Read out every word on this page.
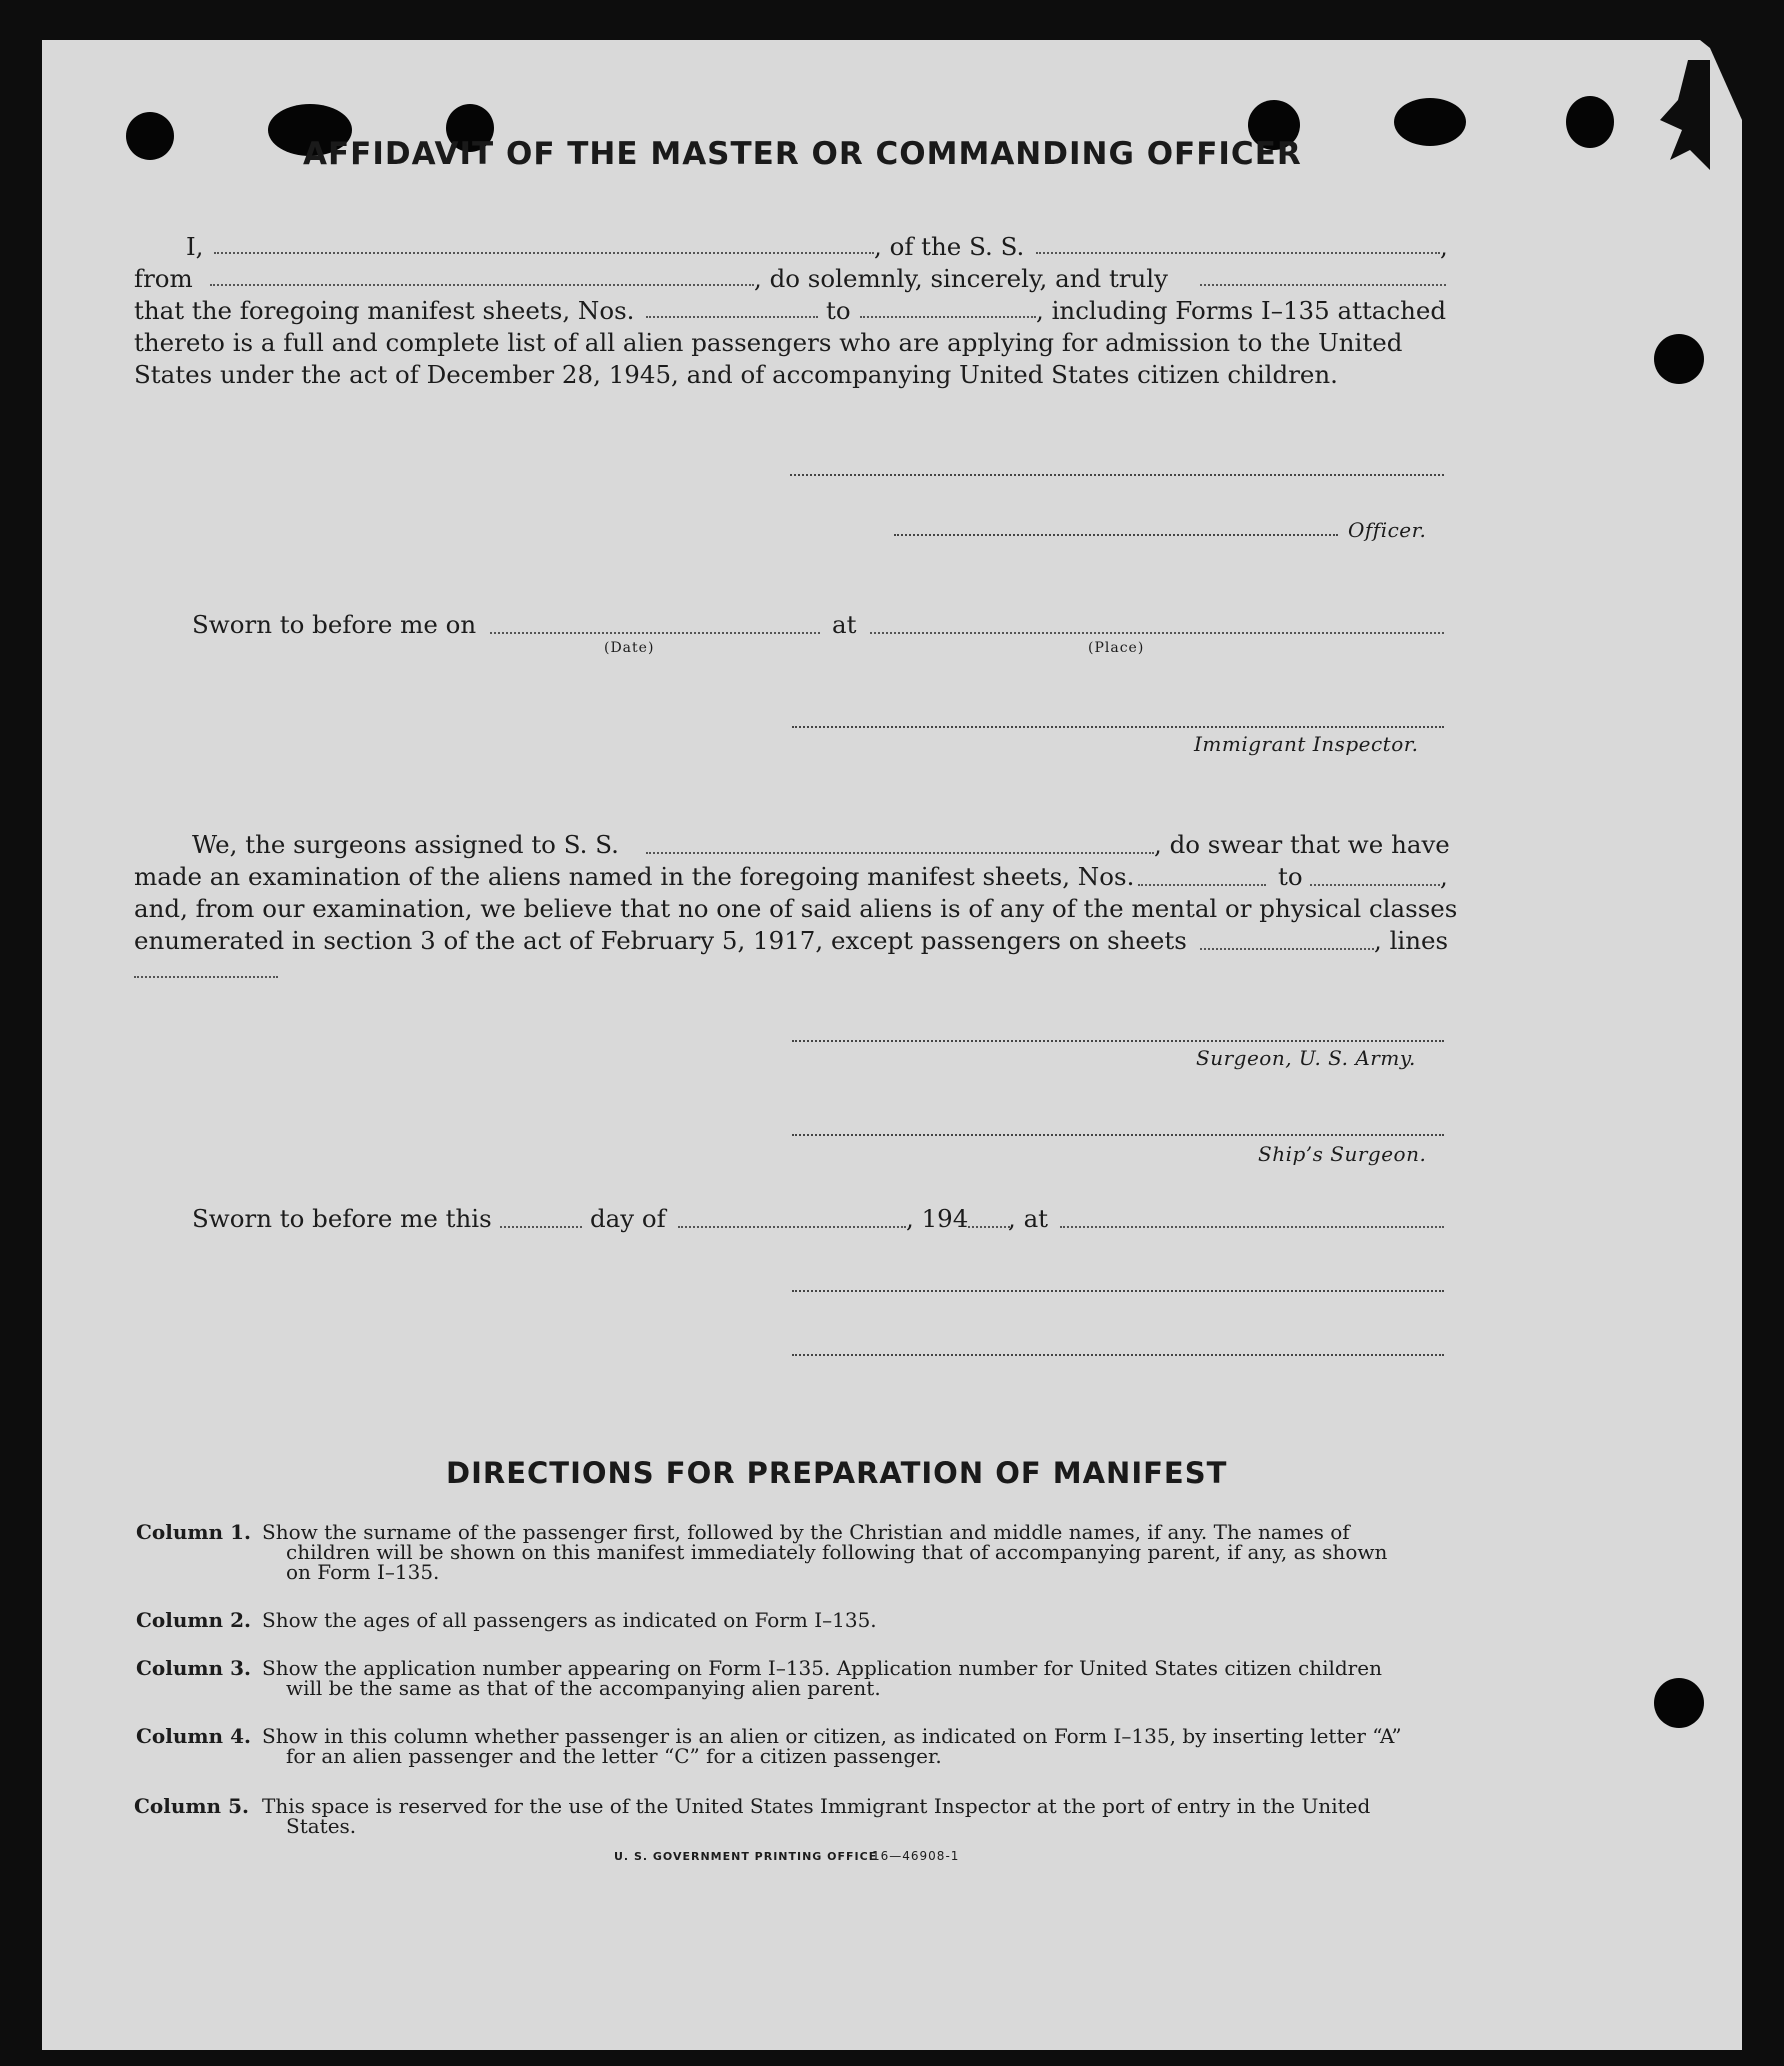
AFFIDAVIT OF THE MASTER OR COMMANDING OFFICER
I,	, of the S. S.	,
from	, do solemnly, sincerely, and truly
that the foregoing manifest sheets, Nos.	to	, including Forms I–135 attached
thereto is a full and complete list of all alien passengers who are applying for admission to the United
States under the act of December 28, 1945, and of accompanying United States citizen children.
Officer.
Sworn to before me on	at
(Date)	(Place)
Immigrant Inspector.
We, the surgeons assigned to S. S.	, do swear that we have
made an examination of the aliens named in the foregoing manifest sheets, Nos.	to	,
and, from our examination, we believe that no one of said aliens is of any of the mental or physical classes
enumerated in section 3 of the act of February 5, 1917, except passengers on sheets	, lines
Surgeon, U. S. Army.
Ship’s Surgeon.
Sworn to before me this	day of	, 194 , at
DIRECTIONS FOR PREPARATION OF MANIFEST
Column 1. Show the surname of the passenger first, followed by the Christian and middle names, if any. The names of
children will be shown on this manifest immediately following that of accompanying parent, if any, as shown
on Form I–135.
Column 2. Show the ages of all passengers as indicated on Form I–135.
Column 3. Show the application number appearing on Form I–135. Application number for United States citizen children
will be the same as that of the accompanying alien parent.
Column 4. Show in this column whether passenger is an alien or citizen, as indicated on Form I–135, by inserting letter “A”
for an alien passenger and the letter “C” for a citizen passenger.
Column 5. This space is reserved for the use of the United States Immigrant Inspector at the port of entry in the United
States.
U. S. GOVERNMENT PRINTING OFFICE
16—46908-1
